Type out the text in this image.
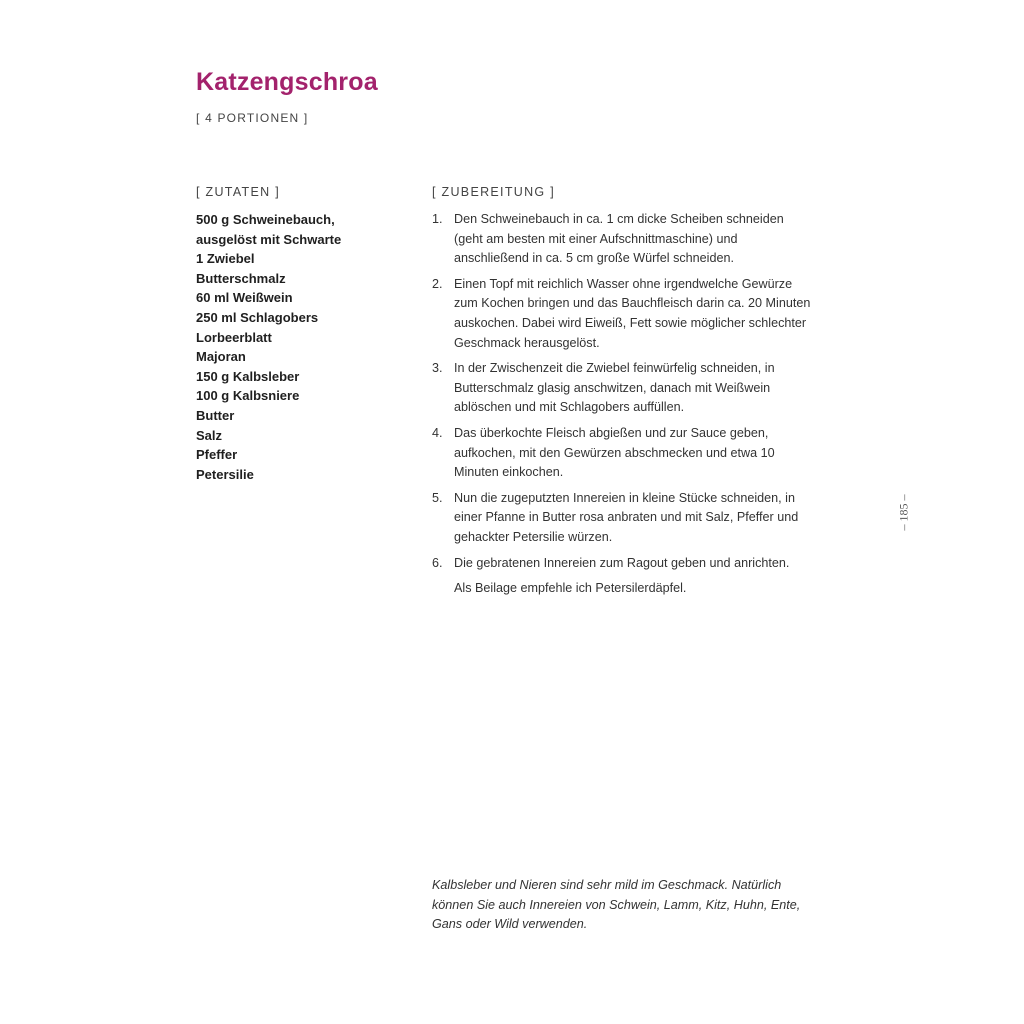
Katzengschroa
[ 4 PORTIONEN ]
[ ZUTATEN ]
500 g Schweinebauch,
ausgelöst mit Schwarte
1 Zwiebel
Butterschmalz
60 ml Weißwein
250 ml Schlagobers
Lorbeerblatt
Majoran
150 g Kalbsleber
100 g Kalbsniere
Butter
Salz
Pfeffer
Petersilie
[ ZUBEREITUNG ]
1. Den Schweinebauch in ca. 1 cm dicke Scheiben schneiden (geht am besten mit einer Aufschnittmaschine) und anschließend in ca. 5 cm große Würfel schneiden.
2. Einen Topf mit reichlich Wasser ohne irgendwelche Gewürze zum Kochen bringen und das Bauchfleisch darin ca. 20 Minuten auskochen. Dabei wird Eiweiß, Fett sowie möglicher schlechter Geschmack herausgelöst.
3. In der Zwischenzeit die Zwiebel feinwürfelig schneiden, in Butterschmalz glasig anschwitzen, danach mit Weißwein ablöschen und mit Schlagobers auffüllen.
4. Das überkochte Fleisch abgießen und zur Sauce geben, aufkochen, mit den Gewürzen abschmecken und etwa 10 Minuten einkochen.
5. Nun die zugeputzten Innereien in kleine Stücke schneiden, in einer Pfanne in Butter rosa anbraten und mit Salz, Pfeffer und gehackter Petersilie würzen.
6. Die gebratenen Innereien zum Ragout geben und anrichten.
Als Beilage empfehle ich Petersilerdäpfel.
– 185 –
Kalbsleber und Nieren sind sehr mild im Geschmack. Natürlich können Sie auch Innereien von Schwein, Lamm, Kitz, Huhn, Ente, Gans oder Wild verwenden.
